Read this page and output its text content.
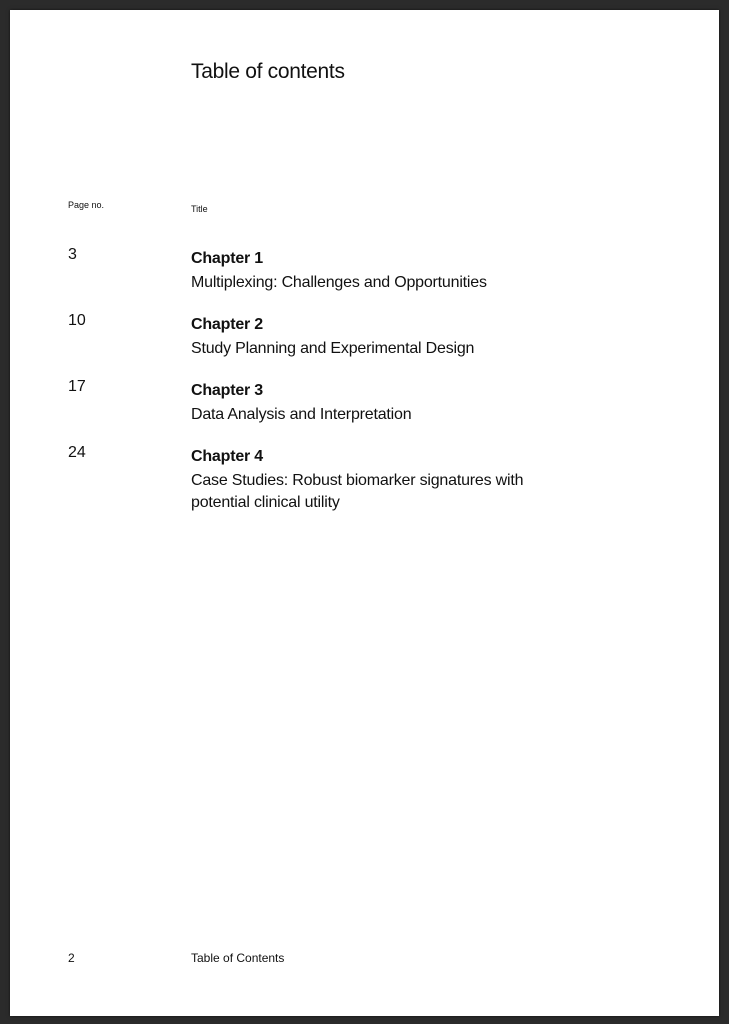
Table of contents
Page no.	Title
3	Chapter 1
Multiplexing: Challenges and Opportunities
10	Chapter 2
Study Planning and Experimental Design
17	Chapter 3
Data Analysis and Interpretation
24	Chapter 4
Case Studies: Robust biomarker signatures with potential clinical utility
2	Table of Contents
